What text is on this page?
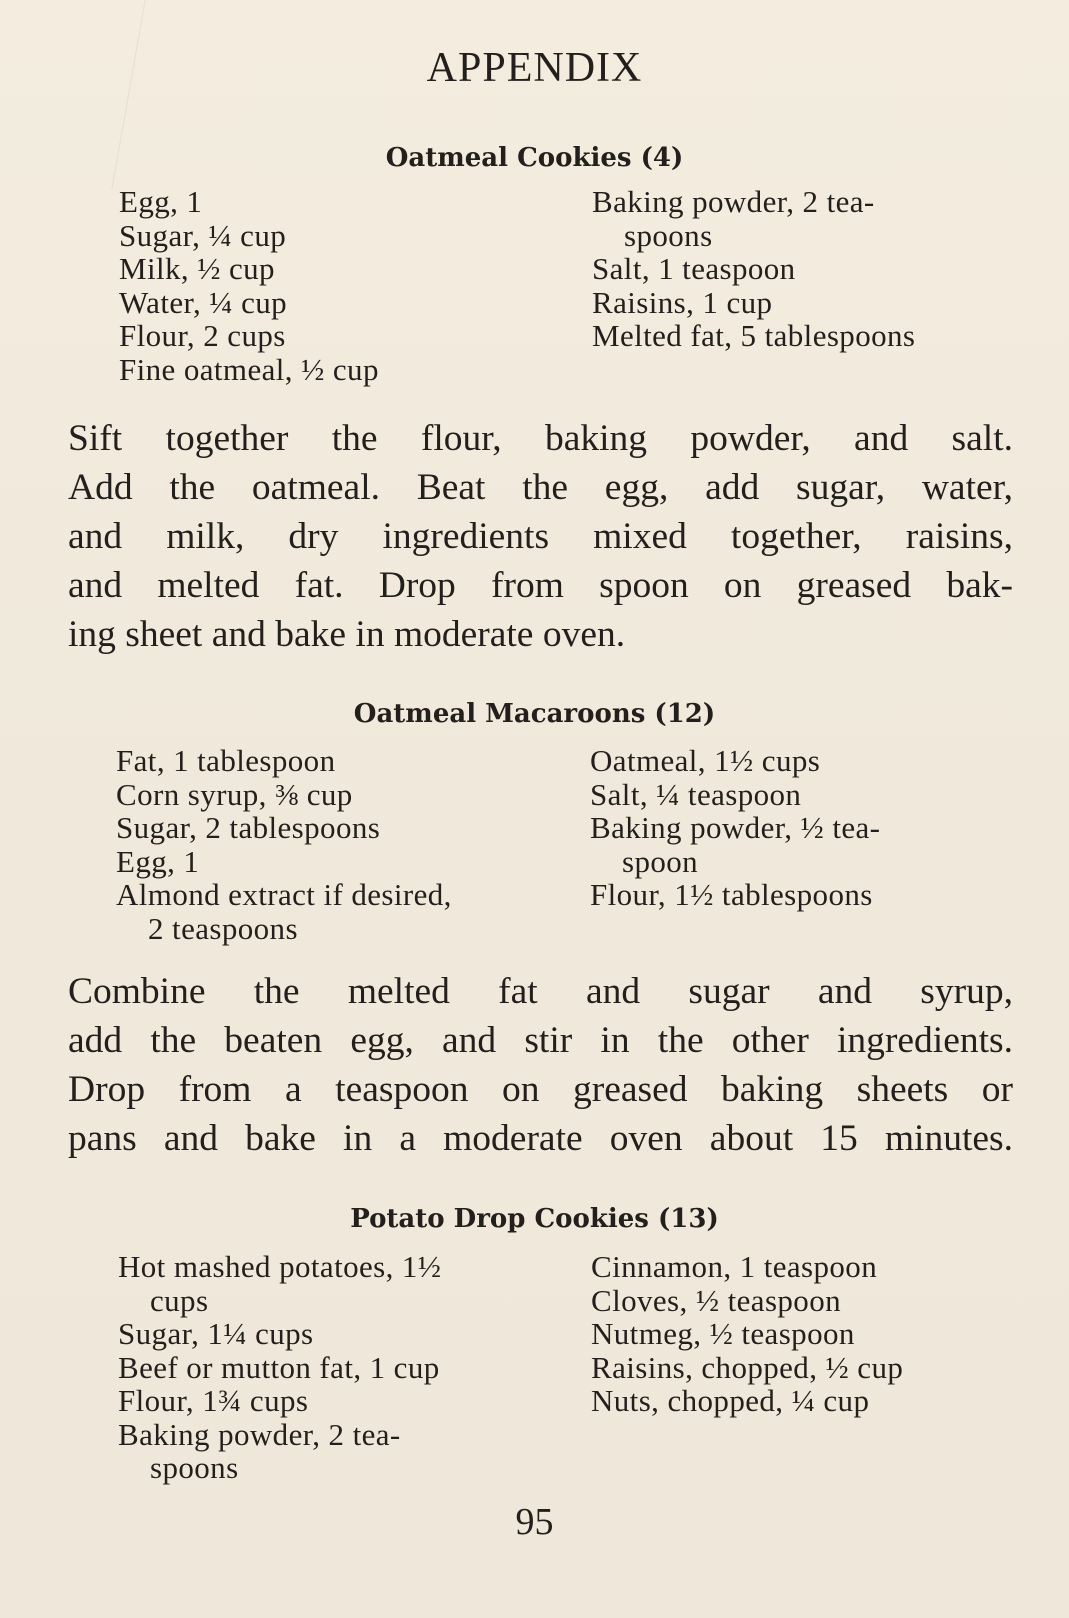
APPENDIX
Oatmeal Cookies (4)
Egg, 1
Sugar, ¼ cup
Milk, ½ cup
Water, ¼ cup
Flour, 2 cups
Fine oatmeal, ½ cup
Baking powder, 2 tea-
spoons
Salt, 1 teaspoon
Raisins, 1 cup
Melted fat, 5 tablespoons
Sift together the flour, baking powder, and salt.
Add the oatmeal. Beat the egg, add sugar, water,
and milk, dry ingredients mixed together, raisins,
and melted fat. Drop from spoon on greased bak-
ing sheet and bake in moderate oven.
Oatmeal Macaroons (12)
Fat, 1 tablespoon
Corn syrup, ⅜ cup
Sugar, 2 tablespoons
Egg, 1
Almond extract if desired,
2 teaspoons
Oatmeal, 1½ cups
Salt, ¼ teaspoon
Baking powder, ½ tea-
spoon
Flour, 1½ tablespoons
Combine the melted fat and sugar and syrup,
add the beaten egg, and stir in the other ingredients.
Drop from a teaspoon on greased baking sheets or
pans and bake in a moderate oven about 15 minutes.
Potato Drop Cookies (13)
Hot mashed potatoes, 1½
cups
Sugar, 1¼ cups
Beef or mutton fat, 1 cup
Flour, 1¾ cups
Baking powder, 2 tea-
spoons
Cinnamon, 1 teaspoon
Cloves, ½ teaspoon
Nutmeg, ½ teaspoon
Raisins, chopped, ½ cup
Nuts, chopped, ¼ cup
95
